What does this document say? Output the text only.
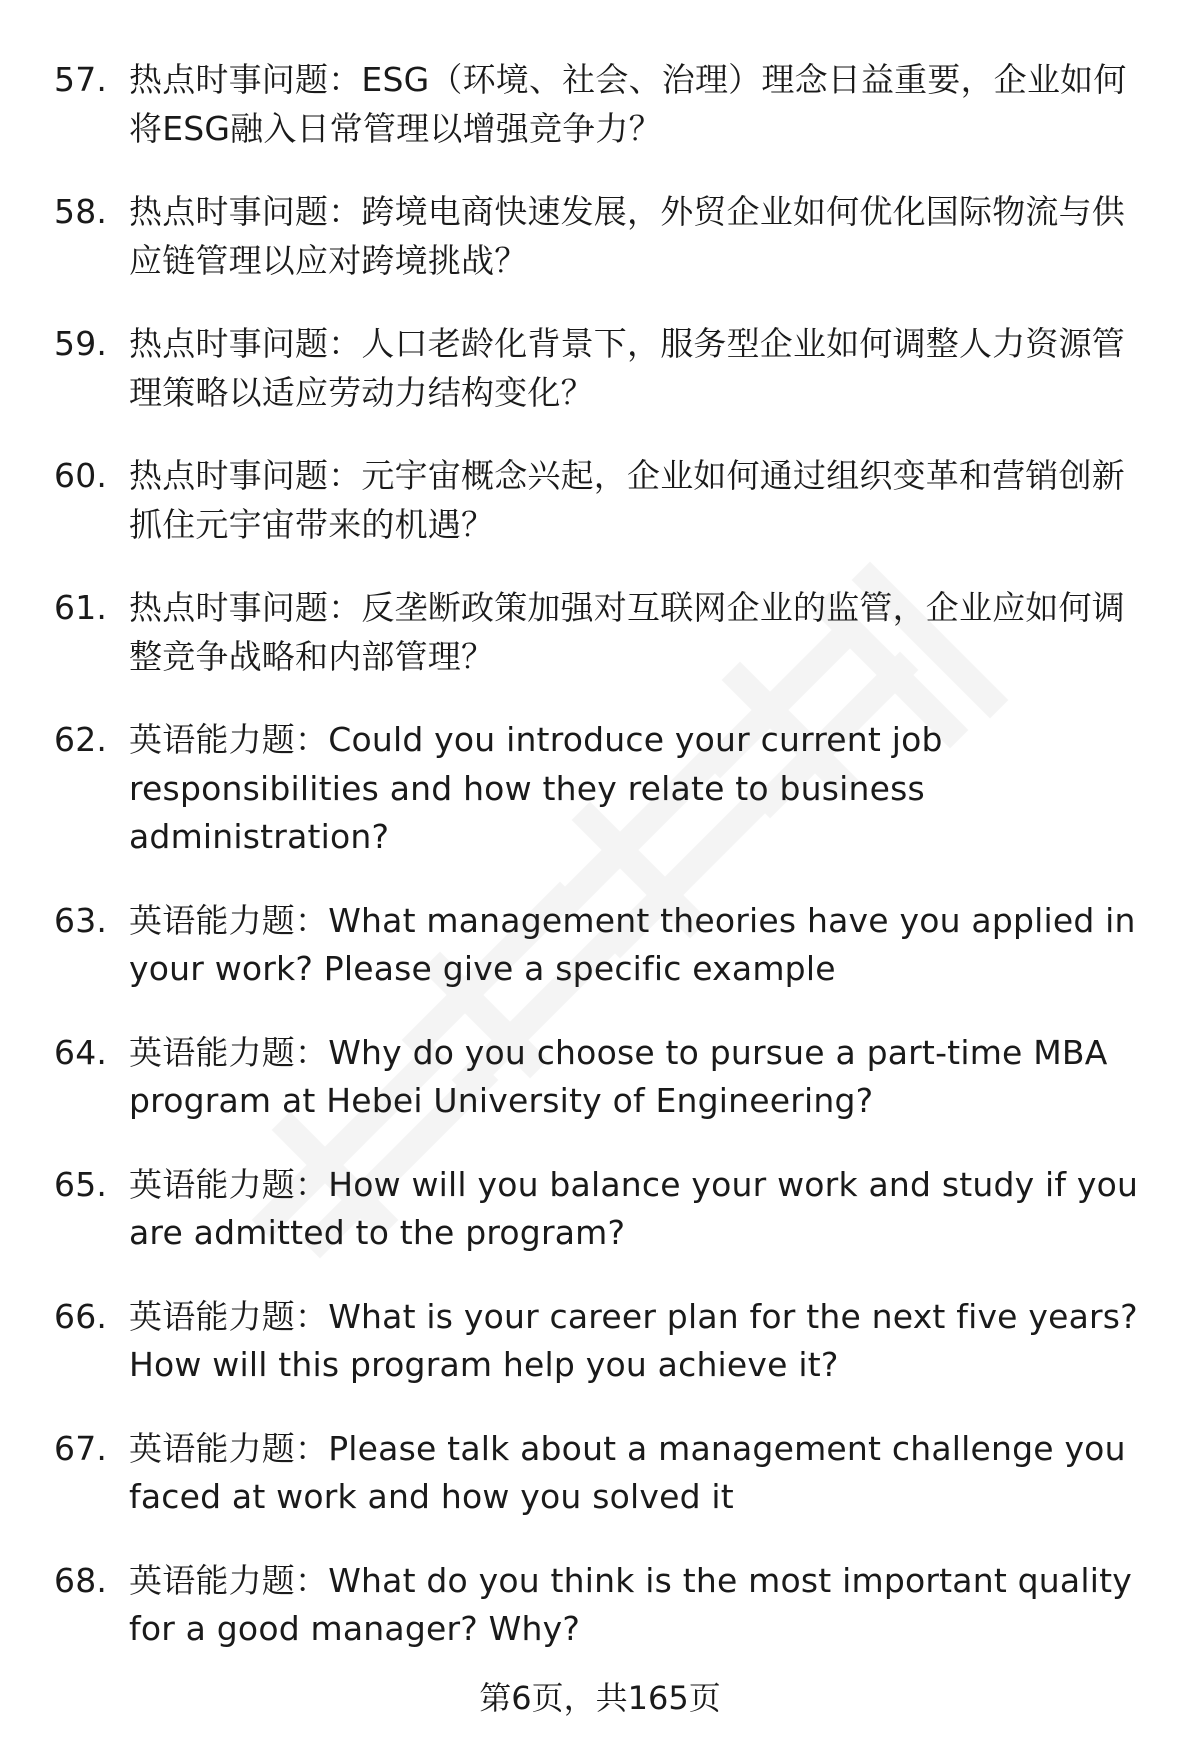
57. 热点时事问题：ESG（环境、社会、治理）理念日益重要，企业如何将ESG融入日常管理以增强竞争力？
58. 热点时事问题：跨境电商快速发展，外贸企业如何优化国际物流与供应链管理以应对跨境挑战？
59. 热点时事问题：人口老龄化背景下，服务型企业如何调整人力资源管理策略以适应劳动力结构变化？
60. 热点时事问题：元宇宙概念兴起，企业如何通过组织变革和营销创新抓住元宇宙带来的机遇？
61. 热点时事问题：反垄断政策加强对互联网企业的监管，企业应如何调整竞争战略和内部管理？
62. 英语能力题：Could you introduce your current job responsibilities and how they relate to business administration?
63. 英语能力题：What management theories have you applied in your work? Please give a specific example
64. 英语能力题：Why do you choose to pursue a part-time MBA program at Hebei University of Engineering?
65. 英语能力题：How will you balance your work and study if you are admitted to the program?
66. 英语能力题：What is your career plan for the next five years? How will this program help you achieve it?
67. 英语能力题：Please talk about a management challenge you faced at work and how you solved it
68. 英语能力题：What do you think is the most important quality for a good manager? Why?
第6页，共165页
